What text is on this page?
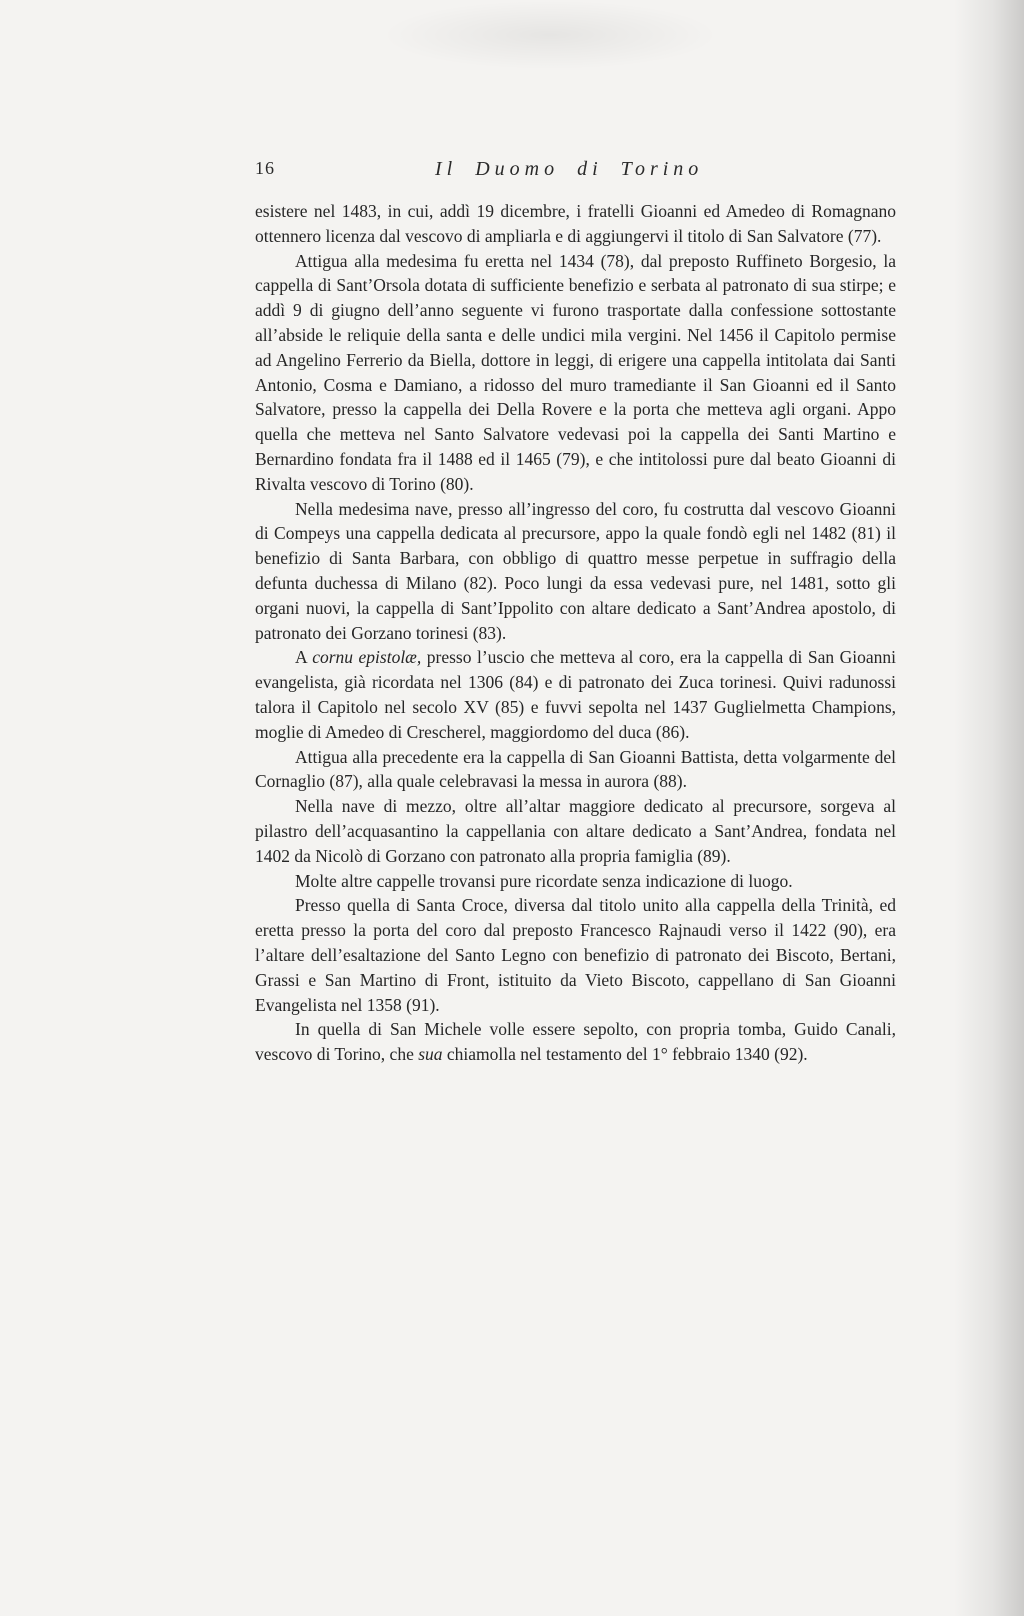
16	Il Duomo di Torino

esistere nel 1483, in cui, addì 19 dicembre, i fratelli Gioanni ed Amedeo di Romagnano ottennero licenza dal vescovo di ampliarla e di aggiungervi il titolo di San Salvatore (77).

Attigua alla medesima fu eretta nel 1434 (78), dal preposto Ruffineto Borgesio, la cappella di Sant’Orsola dotata di sufficiente benefizio e serbata al patronato di sua stirpe; e addì 9 di giugno dell’anno seguente vi furono trasportate dalla confessione sottostante all’abside le reliquie della santa e delle undici mila vergini. Nel 1456 il Capitolo permise ad Angelino Ferrerio da Biella, dottore in leggi, di erigere una cappella intitolata dai Santi Antonio, Cosma e Damiano, a ridosso del muro tramediante il San Gioanni ed il Santo Salvatore, presso la cappella dei Della Rovere e la porta che metteva agli organi. Appo quella che metteva nel Santo Salvatore vedevasi poi la cappella dei Santi Martino e Bernardino fondata fra il 1488 ed il 1465 (79), e che intitolossi pure dal beato Gioanni di Rivalta vescovo di Torino (80).

Nella medesima nave, presso all’ingresso del coro, fu costrutta dal vescovo Gioanni di Compeys una cappella dedicata al precursore, appo la quale fondò egli nel 1482 (81) il benefizio di Santa Barbara, con obbligo di quattro messe perpetue in suffragio della defunta duchessa di Milano (82). Poco lungi da essa vedevasi pure, nel 1481, sotto gli organi nuovi, la cappella di Sant’Ippolito con altare dedicato a Sant’Andrea apostolo, di patronato dei Gorzano torinesi (83).

A cornu epistolæ, presso l’uscio che metteva al coro, era la cappella di San Gioanni evangelista, già ricordata nel 1306 (84) e di patronato dei Zuca torinesi. Quivi radunossi talora il Capitolo nel secolo XV (85) e fuvvi sepolta nel 1437 Guglielmetta Champions, moglie di Amedeo di Crescherel, maggiordomo del duca (86).

Attigua alla precedente era la cappella di San Gioanni Battista, detta volgarmente del Cornaglio (87), alla quale celebravasi la messa in aurora (88).

Nella nave di mezzo, oltre all’altar maggiore dedicato al precursore, sorgeva al pilastro dell’acquasantino la cappellania con altare dedicato a Sant’Andrea, fondata nel 1402 da Nicolò di Gorzano con patronato alla propria famiglia (89).

Molte altre cappelle trovansi pure ricordate senza indicazione di luogo.

Presso quella di Santa Croce, diversa dal titolo unito alla cappella della Trinità, ed eretta presso la porta del coro dal preposto Francesco Rajnaudi verso il 1422 (90), era l’altare dell’esaltazione del Santo Legno con benefizio di patronato dei Biscoto, Bertani, Grassi e San Martino di Front, istituito da Vieto Biscoto, cappellano di San Gioanni Evangelista nel 1358 (91).

In quella di San Michele volle essere sepolto, con propria tomba, Guido Canali, vescovo di Torino, che sua chiamolla nel testamento del 1° febbraio 1340 (92).
